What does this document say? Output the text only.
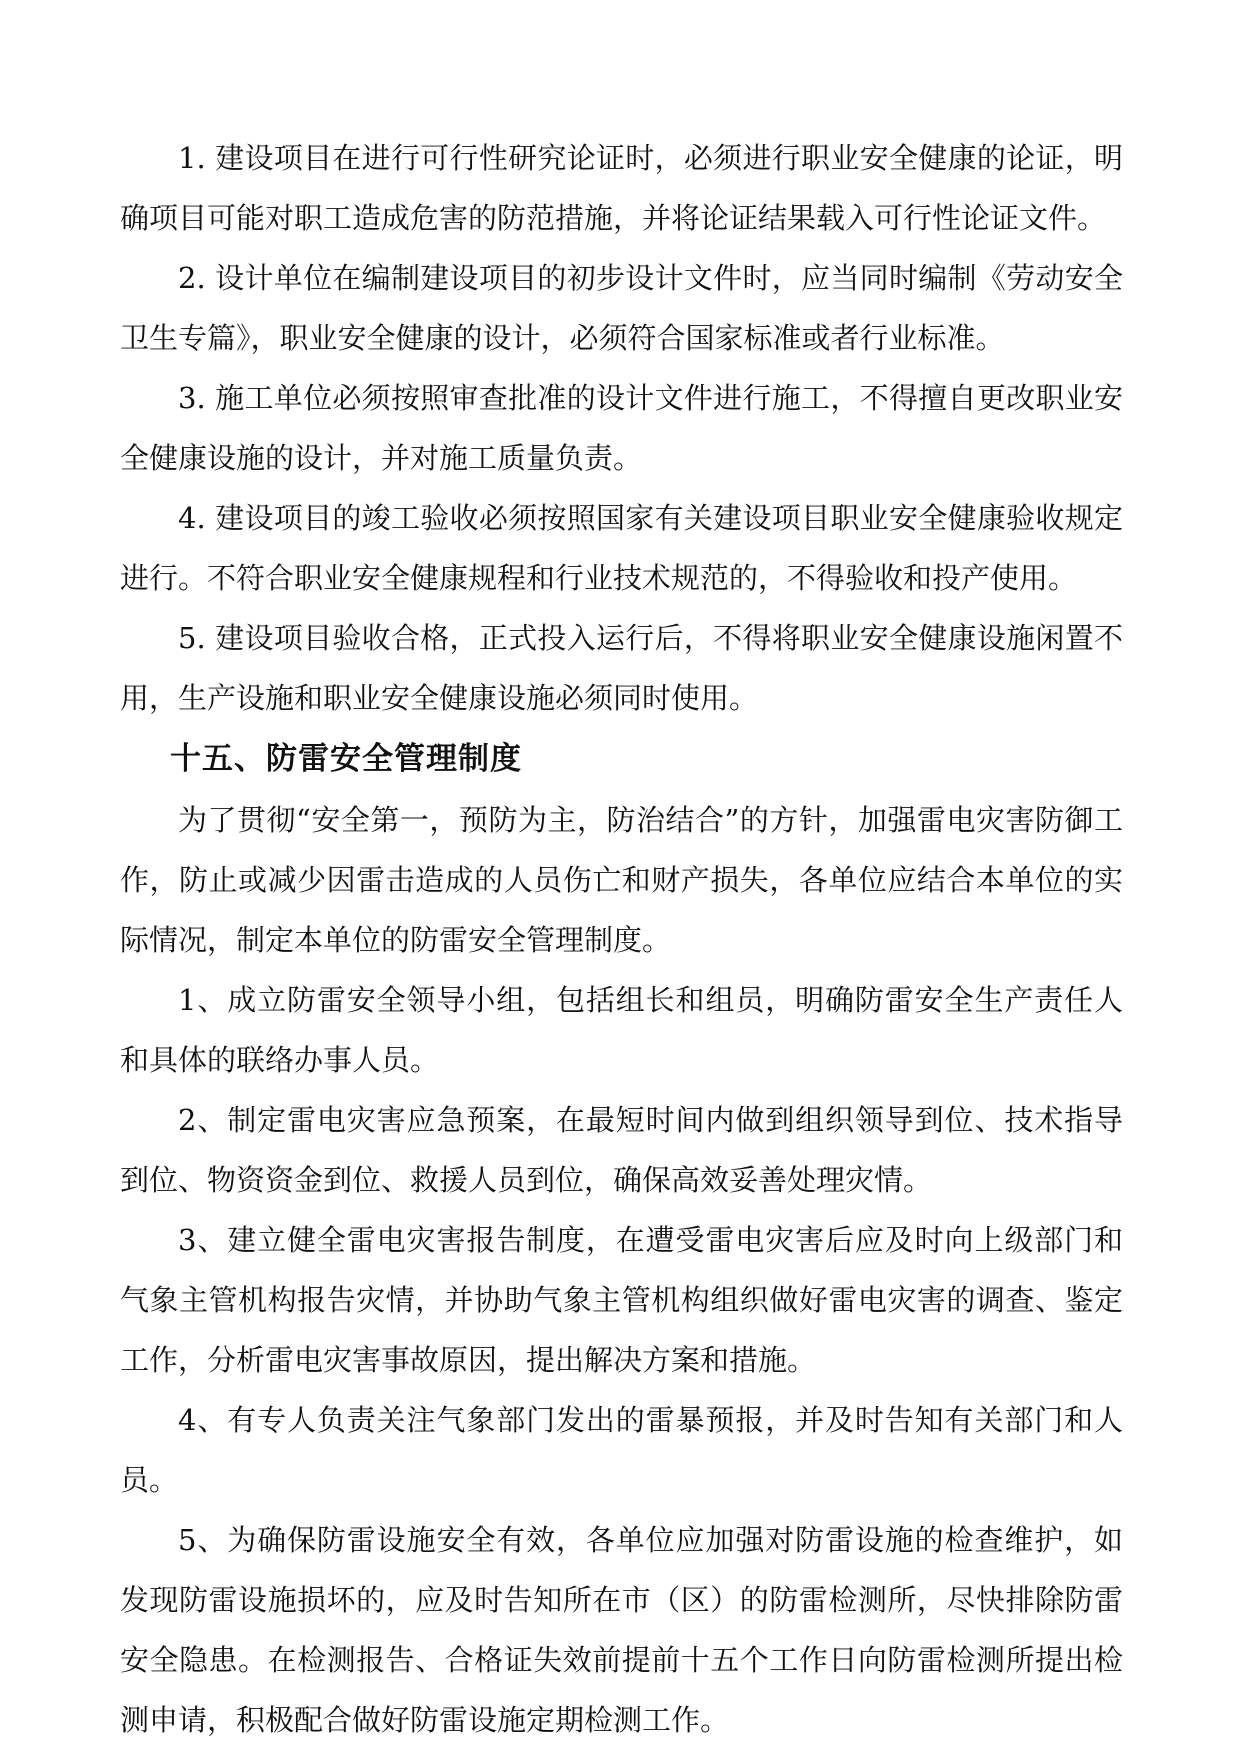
1. 建设项目在进行可行性研究论证时，必须进行职业安全健康的论证，明确项目可能对职工造成危害的防范措施，并将论证结果载入可行性论证文件。

2. 设计单位在编制建设项目的初步设计文件时，应当同时编制《劳动安全卫生专篇》，职业安全健康的设计，必须符合国家标准或者行业标准。

3. 施工单位必须按照审查批准的设计文件进行施工，不得擅自更改职业安全健康设施的设计，并对施工质量负责。

4. 建设项目的竣工验收必须按照国家有关建设项目职业安全健康验收规定进行。不符合职业安全健康规程和行业技术规范的，不得验收和投产使用。

5. 建设项目验收合格，正式投入运行后，不得将职业安全健康设施闲置不用，生产设施和职业安全健康设施必须同时使用。

十五、防雷安全管理制度

为了贯彻“安全第一，预防为主，防治结合”的方针，加强雷电灾害防御工作，防止或减少因雷击造成的人员伤亡和财产损失，各单位应结合本单位的实际情况，制定本单位的防雷安全管理制度。

1、成立防雷安全领导小组，包括组长和组员，明确防雷安全生产责任人和具体的联络办事人员。

2、制定雷电灾害应急预案，在最短时间内做到组织领导到位、技术指导到位、物资资金到位、救援人员到位，确保高效妥善处理灾情。

3、建立健全雷电灾害报告制度，在遭受雷电灾害后应及时向上级部门和气象主管机构报告灾情，并协助气象主管机构组织做好雷电灾害的调查、鉴定工作，分析雷电灾害事故原因，提出解决方案和措施。

4、有专人负责关注气象部门发出的雷暴预报，并及时告知有关部门和人员。

5、为确保防雷设施安全有效，各单位应加强对防雷设施的检查维护，如发现防雷设施损坏的，应及时告知所在市（区）的防雷检测所，尽快排除防雷安全隐患。在检测报告、合格证失效前提前十五个工作日向防雷检测所提出检测申请，积极配合做好防雷设施定期检测工作。
